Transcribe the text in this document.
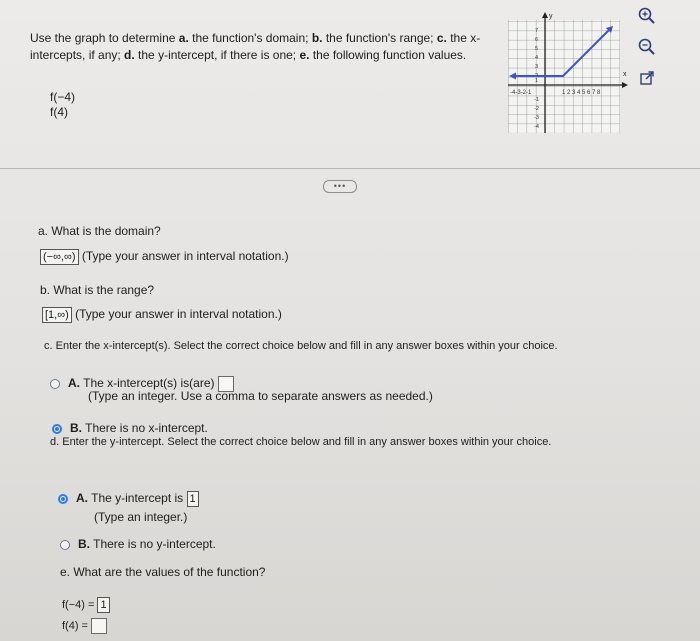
Use the graph to determine a. the function's domain; b. the function's range; c. the x-intercepts, if any; d. the y-intercept, if there is one; e. the following function values.
f(−4)
f(4)
x
y
-4-3-2-1	1 2 3 4 5 6 7 8
7
6
5
4
3
2
1
-1
-2
-3
-4
•••
a. What is the domain?
(−∞,∞) (Type your answer in interval notation.)
b. What is the range?
[1,∞) (Type your answer in interval notation.)
c. Enter the x-intercept(s). Select the correct choice below and fill in any answer boxes within your choice.
A. The x-intercept(s) is(are)
(Type an integer. Use a comma to separate answers as needed.)
B. There is no x-intercept.
d. Enter the y-intercept. Select the correct choice below and fill in any answer boxes within your choice.
A. The y-intercept is 1
(Type an integer.)
B. There is no y-intercept.
e. What are the values of the function?
f(−4) = 1
f(4) =
